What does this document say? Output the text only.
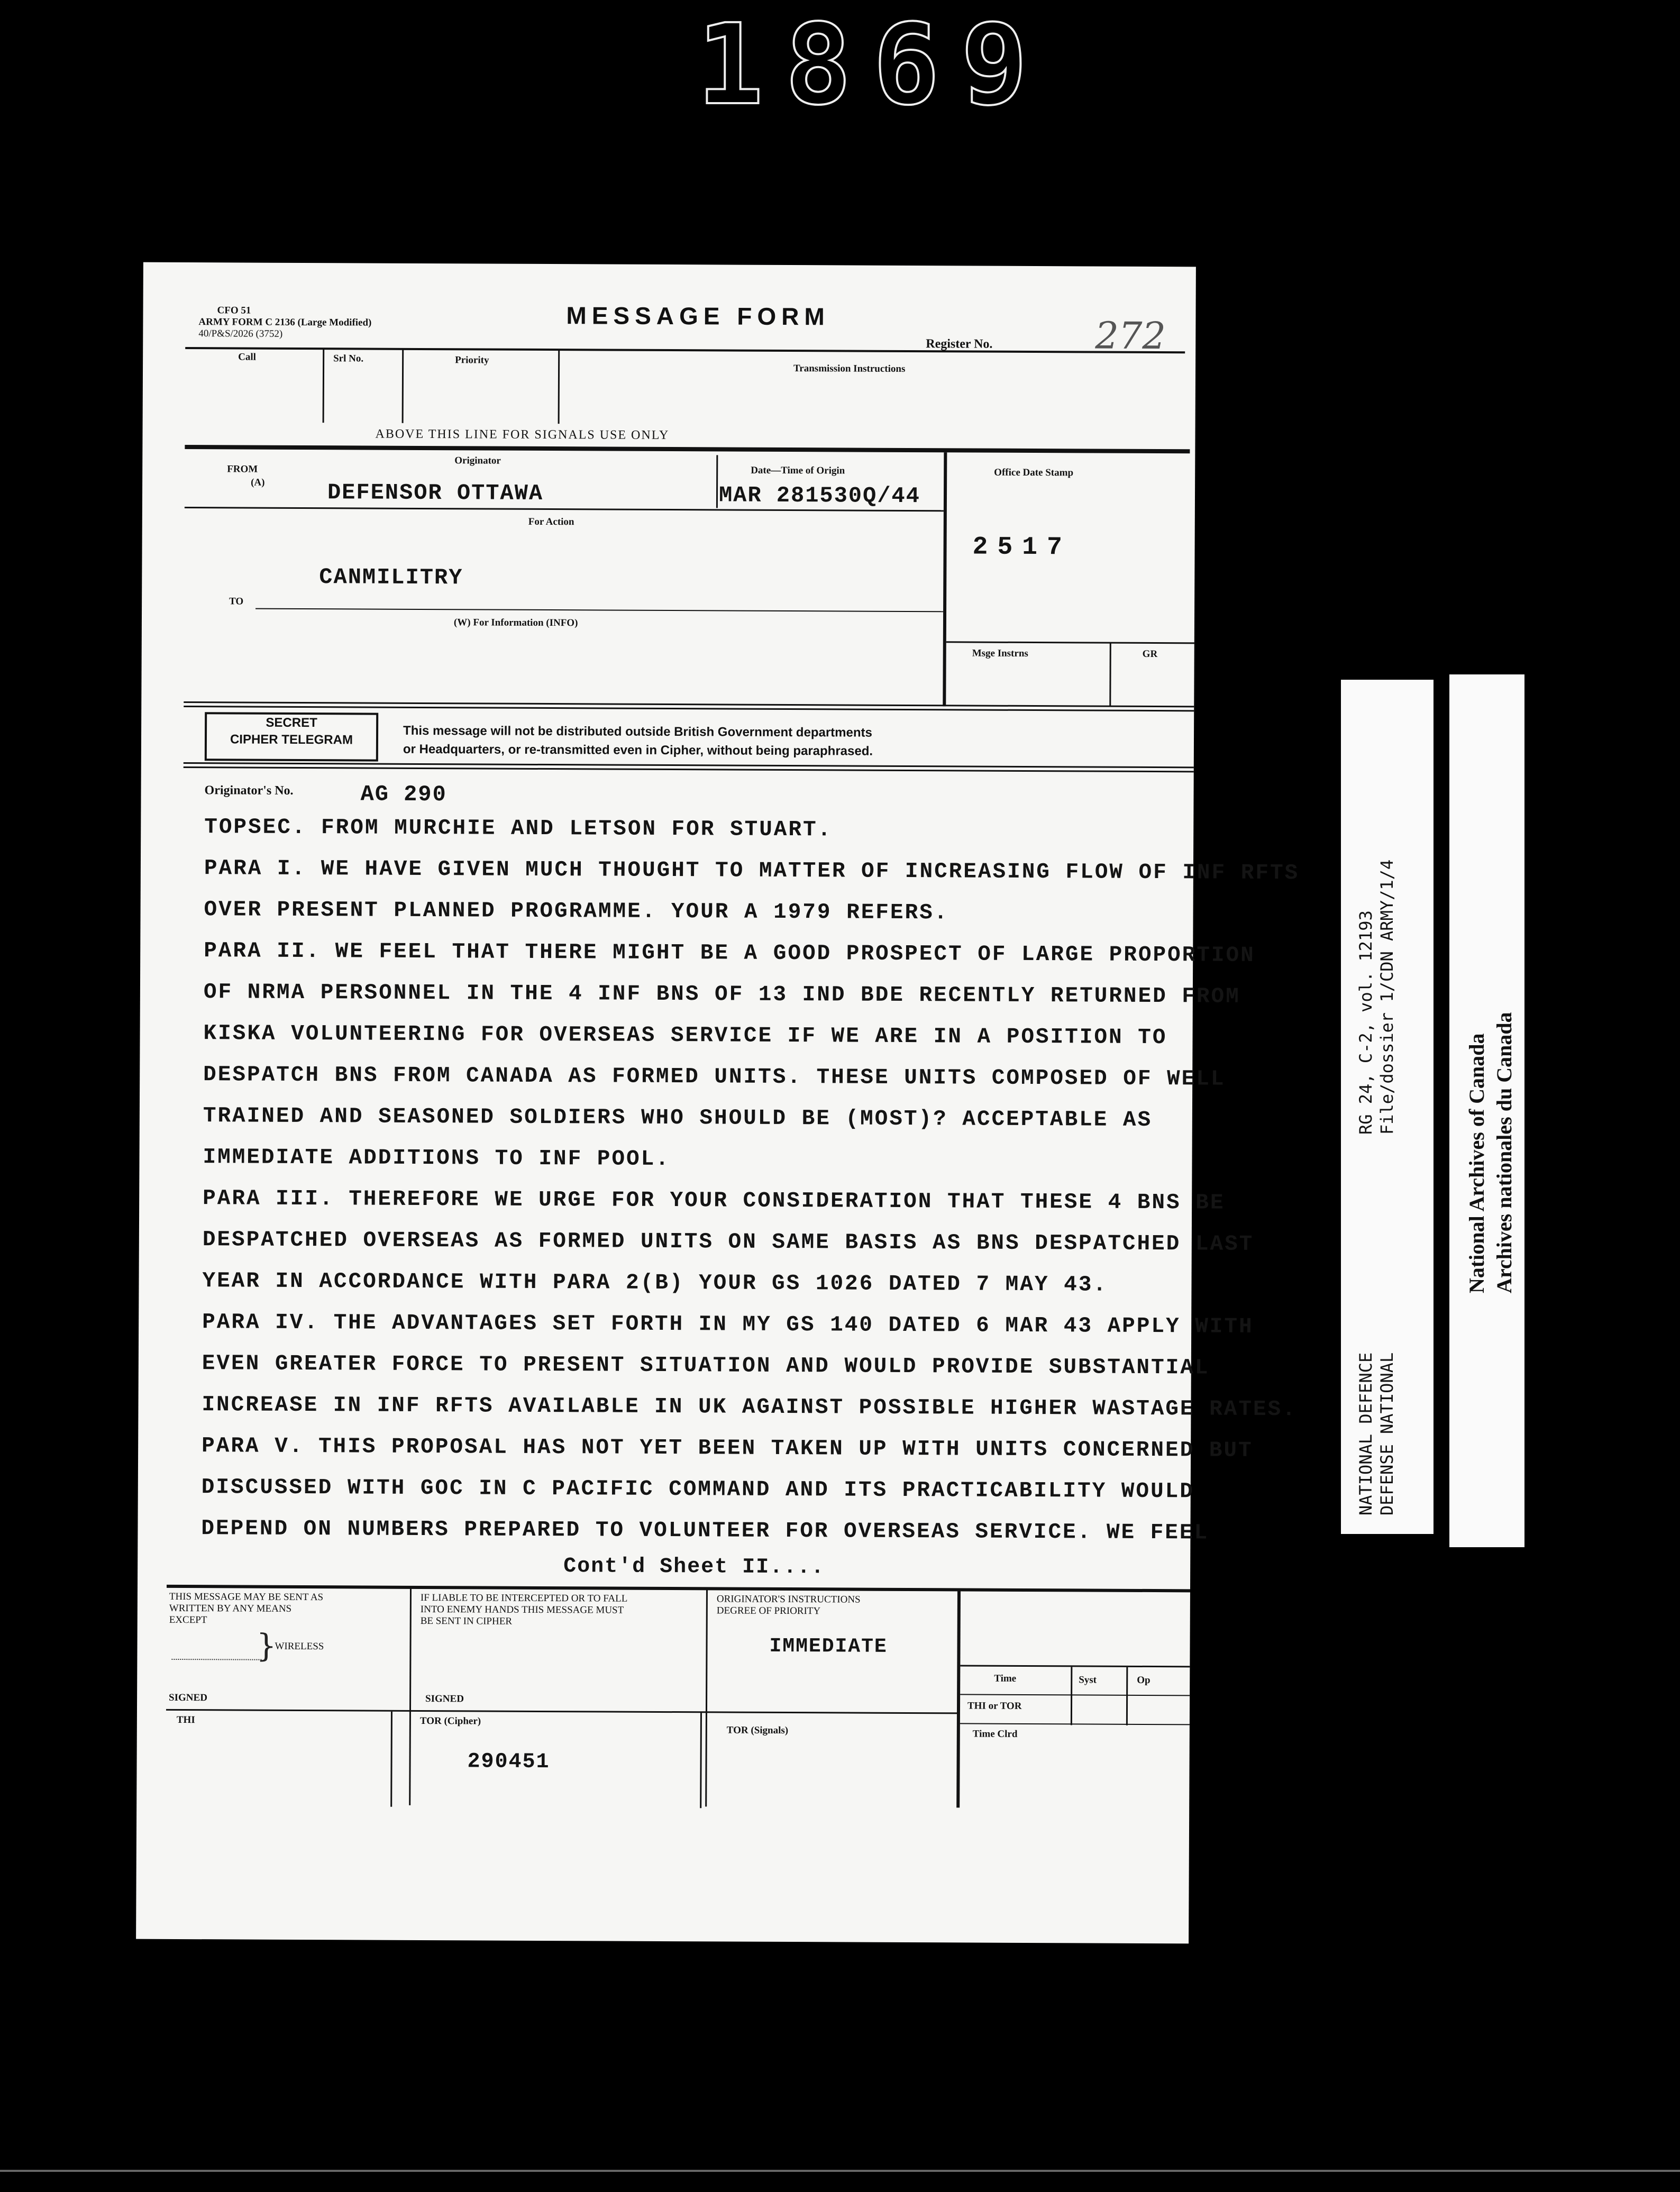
1869
CFO 51
ARMY FORM C 2136 (Large Modified)
40/P&S/2026 (3752)
MESSAGE FORM
Register No.	272
Call	Srl No.	Priority
Transmission Instructions
ABOVE THIS LINE FOR SIGNALS USE ONLY
Originator
FROM
(A)	DEFENSOR OTTAWA
Date—Time of Origin
MAR 281530Q/44
Office Date Stamp
2517
For Action
CANMILITRY
TO
(W) For Information (INFO)
Msge Instrns	GR
SECRET
CIPHER TELEGRAM	This message will not be distributed outside British Government departments
or Headquarters, or re-transmitted even in Cipher, without being paraphrased.
Originator's No.	AG 290
TOPSEC. FROM MURCHIE AND LETSON FOR STUART.
PARA I. WE HAVE GIVEN MUCH THOUGHT TO MATTER OF INCREASING FLOW OF INF RFTS
OVER PRESENT PLANNED PROGRAMME. YOUR A 1979 REFERS.
PARA II. WE FEEL THAT THERE MIGHT BE A GOOD PROSPECT OF LARGE PROPORTION
OF NRMA PERSONNEL IN THE 4 INF BNS OF 13 IND BDE RECENTLY RETURNED FROM
KISKA VOLUNTEERING FOR OVERSEAS SERVICE IF WE ARE IN A POSITION TO
DESPATCH BNS FROM CANADA AS FORMED UNITS. THESE UNITS COMPOSED OF WELL
TRAINED AND SEASONED SOLDIERS WHO SHOULD BE (MOST)? ACCEPTABLE AS
IMMEDIATE ADDITIONS TO INF POOL.
PARA III. THEREFORE WE URGE FOR YOUR CONSIDERATION THAT THESE 4 BNS BE
DESPATCHED OVERSEAS AS FORMED UNITS ON SAME BASIS AS BNS DESPATCHED LAST
YEAR IN ACCORDANCE WITH PARA 2(B) YOUR GS 1026 DATED 7 MAY 43.
PARA IV. THE ADVANTAGES SET FORTH IN MY GS 140 DATED 6 MAR 43 APPLY WITH
EVEN GREATER FORCE TO PRESENT SITUATION AND WOULD PROVIDE SUBSTANTIAL
INCREASE IN INF RFTS AVAILABLE IN UK AGAINST POSSIBLE HIGHER WASTAGE RATES.
PARA V. THIS PROPOSAL HAS NOT YET BEEN TAKEN UP WITH UNITS CONCERNED BUT
DISCUSSED WITH GOC IN C PACIFIC COMMAND AND ITS PRACTICABILITY WOULD
DEPEND ON NUMBERS PREPARED TO VOLUNTEER FOR OVERSEAS SERVICE. WE FEEL
Cont'd Sheet II....
THIS MESSAGE MAY BE SENT AS
WRITTEN BY ANY MEANS
EXCEPT
}
WIRELESS
SIGNED
IF LIABLE TO BE INTERCEPTED OR TO FALL
INTO ENEMY HANDS THIS MESSAGE MUST
BE SENT IN CIPHER
SIGNED
ORIGINATOR'S INSTRUCTIONS
DEGREE OF PRIORITY
IMMEDIATE
Time	Syst	Op
THI or TOR
Time Clrd
THI	TOR (Cipher)
290451
TOR (Signals)
RG 24, C-2, vol. 12193 File/dossier 1/CDN ARMY/1/4
NATIONAL DEFENCE DEFENSE NATIONAL
National Archives of Canada Archives nationales du Canada
